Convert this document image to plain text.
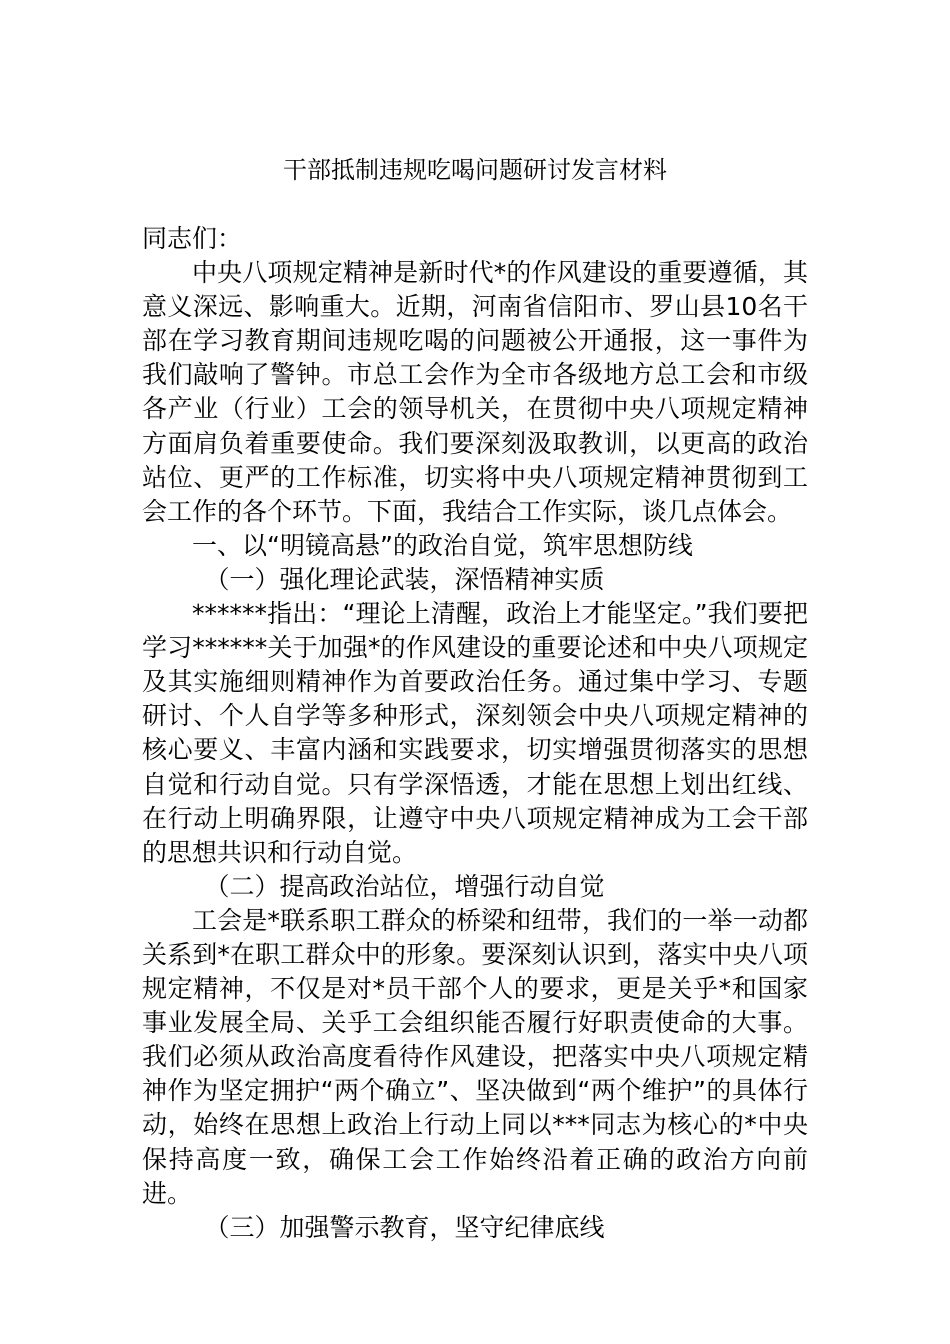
干部抵制违规吃喝问题研讨发言材料

同志们：

中央八项规定精神是新时代*的作风建设的重要遵循，其意义深远、影响重大。近期，河南省信阳市、罗山县10名干部在学习教育期间违规吃喝的问题被公开通报，这一事件为我们敲响了警钟。市总工会作为全市各级地方总工会和市级各产业（行业）工会的领导机关，在贯彻中央八项规定精神方面肩负着重要使命。我们要深刻汲取教训，以更高的政治站位、更严的工作标准，切实将中央八项规定精神贯彻到工会工作的各个环节。下面，我结合工作实际，谈几点体会。

一、以“明镜高悬”的政治自觉，筑牢思想防线

（一）强化理论武装，深悟精神实质

******指出：“理论上清醒，政治上才能坚定。”我们要把学习******关于加强*的作风建设的重要论述和中央八项规定及其实施细则精神作为首要政治任务。通过集中学习、专题研讨、个人自学等多种形式，深刻领会中央八项规定精神的核心要义、丰富内涵和实践要求，切实增强贯彻落实的思想自觉和行动自觉。只有学深悟透，才能在思想上划出红线、在行动上明确界限，让遵守中央八项规定精神成为工会干部的思想共识和行动自觉。

（二）提高政治站位，增强行动自觉

工会是*联系职工群众的桥梁和纽带，我们的一举一动都关系到*在职工群众中的形象。要深刻认识到，落实中央八项规定精神，不仅是对*员干部个人的要求，更是关乎*和国家事业发展全局、关乎工会组织能否履行好职责使命的大事。我们必须从政治高度看待作风建设，把落实中央八项规定精神作为坚定拥护“两个确立”、坚决做到“两个维护”的具体行动，始终在思想上政治上行动上同以***同志为核心的*中央保持高度一致，确保工会工作始终沿着正确的政治方向前进。

（三）加强警示教育，坚守纪律底线
